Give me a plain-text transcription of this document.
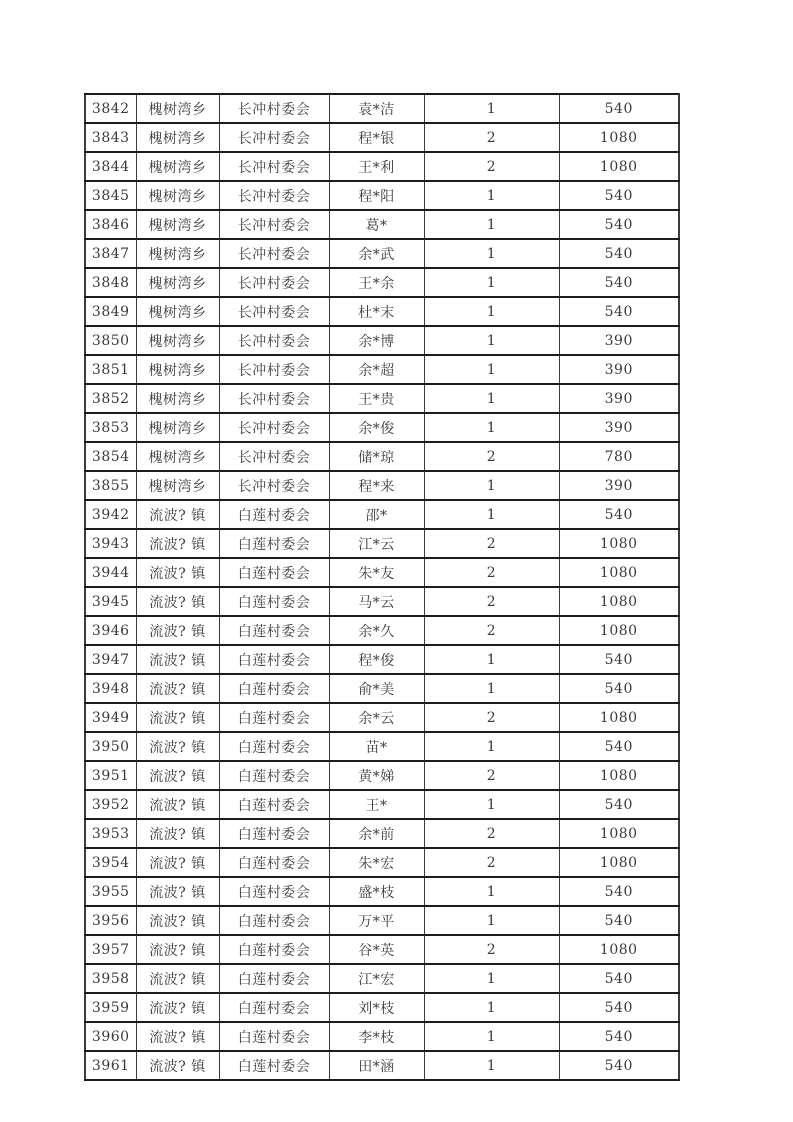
3842	槐树湾乡	长冲村委会	袁*洁	1	540
3843	槐树湾乡	长冲村委会	程*银	2	1080
3844	槐树湾乡	长冲村委会	王*利	2	1080
3845	槐树湾乡	长冲村委会	程*阳	1	540
3846	槐树湾乡	长冲村委会	葛*	1	540
3847	槐树湾乡	长冲村委会	余*武	1	540
3848	槐树湾乡	长冲村委会	王*余	1	540
3849	槐树湾乡	长冲村委会	杜*末	1	540
3850	槐树湾乡	长冲村委会	余*博	1	390
3851	槐树湾乡	长冲村委会	余*超	1	390
3852	槐树湾乡	长冲村委会	王*贵	1	390
3853	槐树湾乡	长冲村委会	余*俊	1	390
3854	槐树湾乡	长冲村委会	储*琼	2	780
3855	槐树湾乡	长冲村委会	程*来	1	390
3942	流波? 镇	白莲村委会	邵*	1	540
3943	流波? 镇	白莲村委会	江*云	2	1080
3944	流波? 镇	白莲村委会	朱*友	2	1080
3945	流波? 镇	白莲村委会	马*云	2	1080
3946	流波? 镇	白莲村委会	余*久	2	1080
3947	流波? 镇	白莲村委会	程*俊	1	540
3948	流波? 镇	白莲村委会	俞*美	1	540
3949	流波? 镇	白莲村委会	余*云	2	1080
3950	流波? 镇	白莲村委会	苗*	1	540
3951	流波? 镇	白莲村委会	黄*娣	2	1080
3952	流波? 镇	白莲村委会	王*	1	540
3953	流波? 镇	白莲村委会	余*前	2	1080
3954	流波? 镇	白莲村委会	朱*宏	2	1080
3955	流波? 镇	白莲村委会	盛*枝	1	540
3956	流波? 镇	白莲村委会	万*平	1	540
3957	流波? 镇	白莲村委会	谷*英	2	1080
3958	流波? 镇	白莲村委会	江*宏	1	540
3959	流波? 镇	白莲村委会	刘*枝	1	540
3960	流波? 镇	白莲村委会	李*枝	1	540
3961	流波? 镇	白莲村委会	田*涵	1	540
